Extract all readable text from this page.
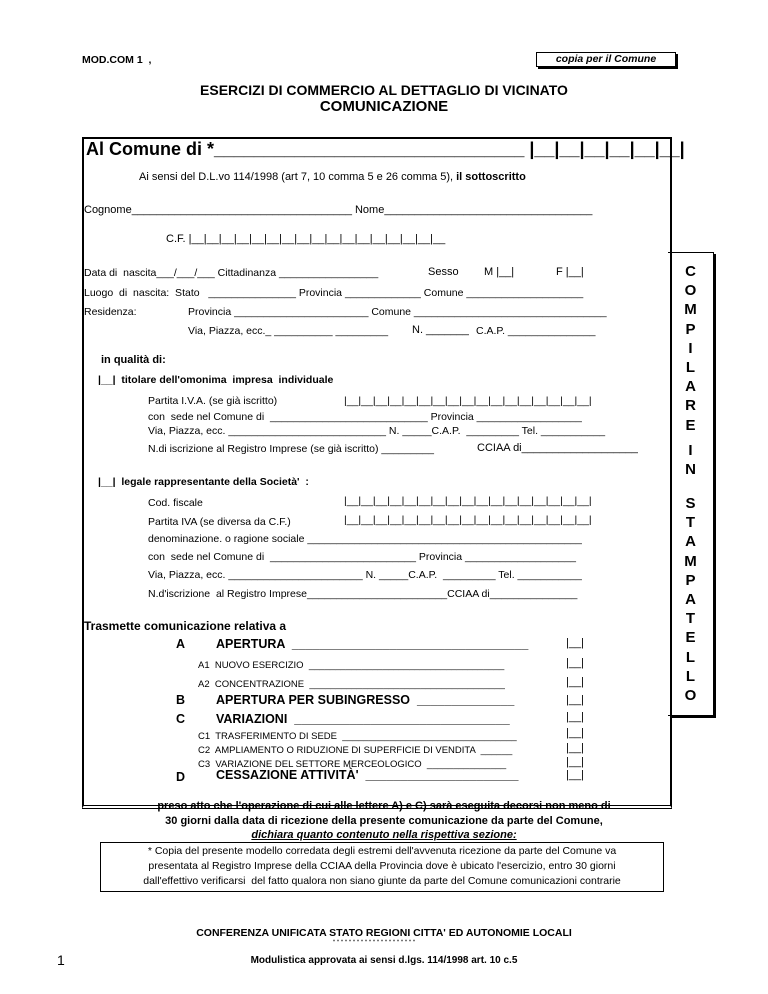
MOD.COM 1  ,	copia per il Comune
ESERCIZI DI COMMERCIO AL DETTAGLIO DI VICINATO
COMUNICAZIONE
Al Comune di *_______________________________ |__|__|__|__|__|__|
Ai sensi del D.L.vo 114/1998 (art 7, 10 comma 5 e 26 comma 5), il sottoscritto
Cognome____________________________________ Nome__________________________________
C.F. |__|__|__|__|__|__|__|__|__|__|__|__|__|__|__|__|__
Data di  nascita___/___/___ Cittadinanza _________________	Sesso M |__|	F |__|
Luogo  di  nascita:  Stato   _______________ Provincia _____________ Comune ____________________
Residenza:	Provincia _______________________ Comune _________________________________
Via, Piazza, ecc._ __________ _________ N. _______ C.A.P. _______________
in qualità di:
|__|  titolare dell'omonima  impresa  individuale
Partita I.V.A. (se già iscritto)	|__|__|__|__|__|__|__|__|__|__|__|__|__|__|__|__|__|
con  sede nel Comune di  ___________________________ Provincia __________________
Via, Piazza, ecc. ___________________________ N. _____C.A.P.  _________ Tel. ___________
N.di iscrizione al Registro Imprese (se già iscritto) _________	CCIAA di___________________
|__|  legale rappresentante della Società'  :
Cod. fiscale	|__|__|__|__|__|__|__|__|__|__|__|__|__|__|__|__|__|
Partita IVA (se diversa da C.F.)	|__|__|__|__|__|__|__|__|__|__|__|__|__|__|__|__|__|
denominazione. o ragione sociale _______________________________________________
con  sede nel Comune di  _________________________ Provincia ___________________
Via, Piazza, ecc. _______________________ N. _____C.A.P.  _________ Tel. ___________
N.d'iscrizione  al Registro Imprese________________________CCIAA di_______________
Trasmette comunicazione relativa a
A APERTURA  __________________________________	|__|
A1  NUOVO ESERCIZIO  _____________________________________	|__|
A2  CONCENTRAZIONE  _____________________________________	|__|
B APERTURA PER SUBINGRESSO  ______________	|__|
C VARIAZIONI  _______________________________	|__|
C1  TRASFERIMENTO DI SEDE  _________________________________	|__|
C2  AMPLIAMENTO O RIDUZIONE DI SUPERFICIE DI VENDITA  ______	|__|
C3  VARIAZIONE DEL SETTORE MERCEOLOGICO  _______________	|__|
D CESSAZIONE ATTIVITÀ'  ______________________	|__|
C
O
M
P
I
L
A
R
E
I
N
S
T
A
M
P
A
T
E
L
L
O
preso atto che l'operazione di cui alle lettere A) e C) sarà eseguita decorsi non meno di
30 giorni dalla data di ricezione della presente comunicazione da parte del Comune,
dichiara quanto contenuto nella rispettiva sezione:
* Copia del presente modello corredata degli estremi dell'avvenuta ricezione da parte del Comune va
presentata al Registro Imprese della CCIAA della Provincia dove è ubicato l'esercizio, entro 30 giorni
dall'effettivo verificarsi  del fatto qualora non siano giunte da parte del Comune comunicazioni contrarie
CONFERENZA UNIFICATA STATO REGIONI CITTA' ED AUTONOMIE LOCALI
1	Modulistica approvata ai sensi d.lgs. 114/1998 art. 10 c.5
